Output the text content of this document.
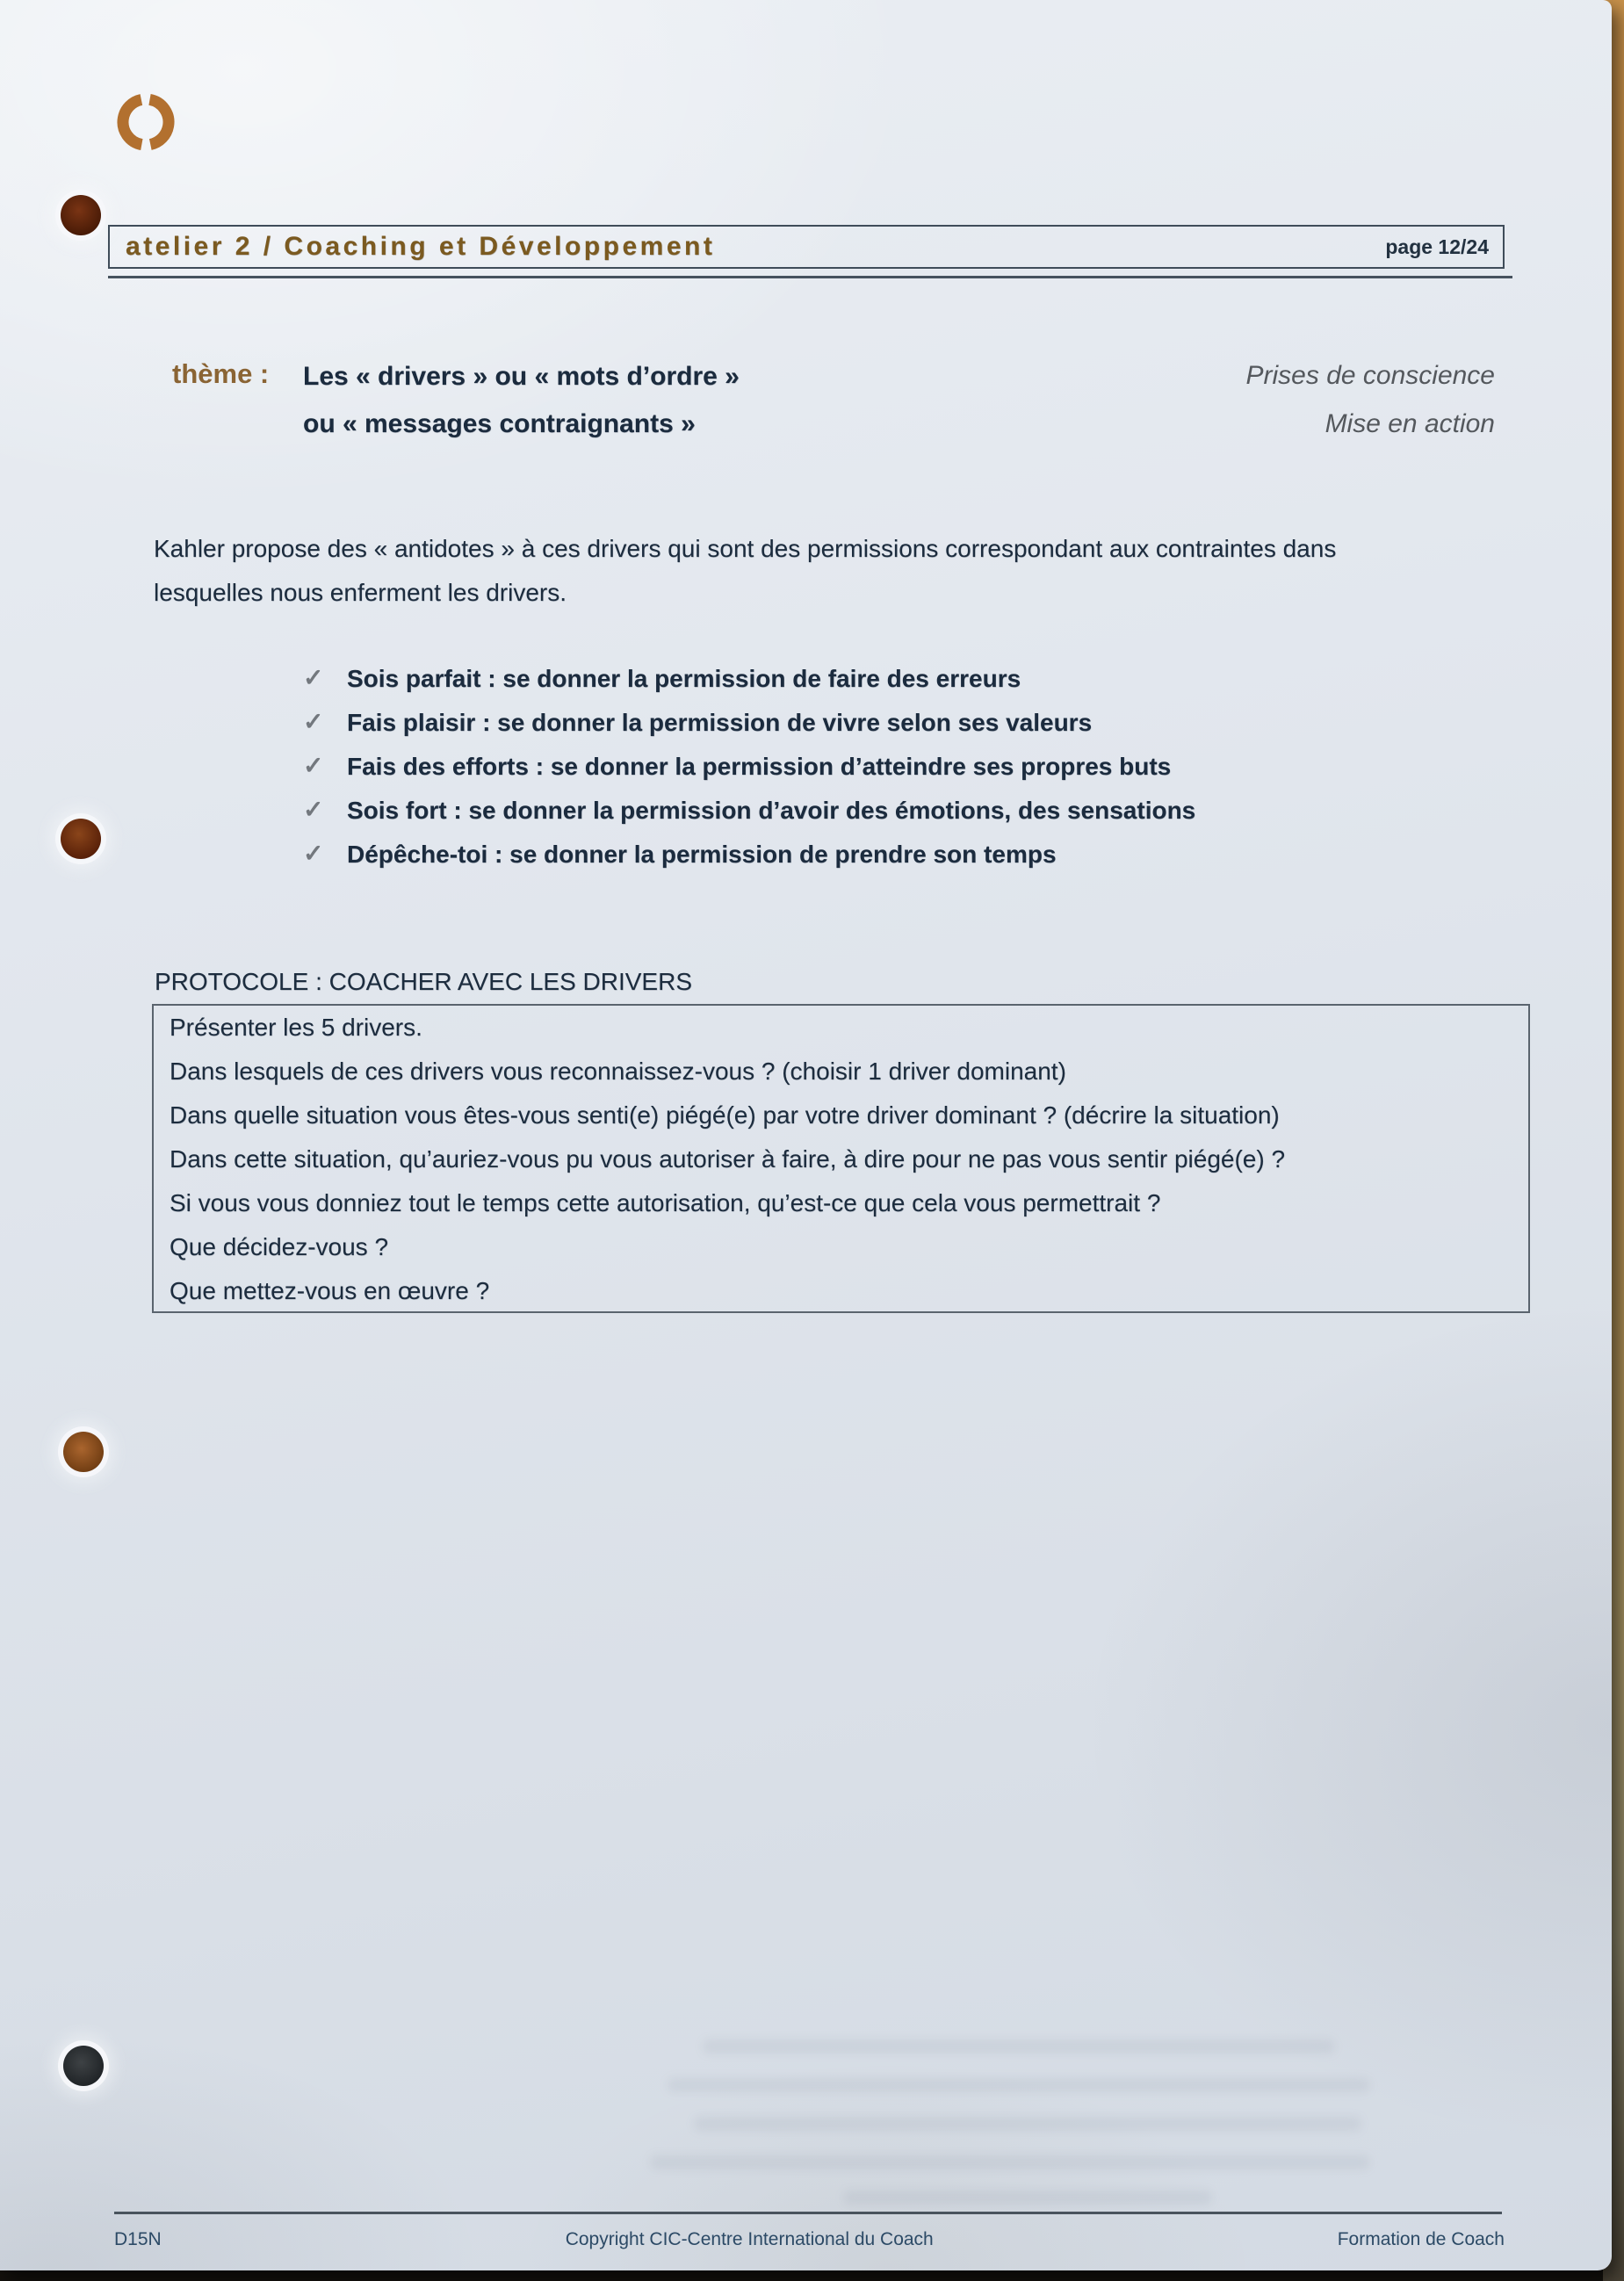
atelier 2 / Coaching et Développement	page 12/24
thème : Les « drivers » ou « mots d’ordre »
ou « messages contraignants »
Prises de conscience
Mise en action
Kahler propose des « antidotes » à ces drivers qui sont des permissions correspondant aux contraintes dans
lesquelles nous enferment les drivers.
✓ Sois parfait : se donner la permission de faire des erreurs
✓ Fais plaisir : se donner la permission de vivre selon ses valeurs
✓ Fais des efforts : se donner la permission d’atteindre ses propres buts
✓ Sois fort : se donner la permission d’avoir des émotions, des sensations
✓ Dépêche-toi : se donner la permission de prendre son temps
PROTOCOLE : COACHER AVEC LES DRIVERS
Présenter les 5 drivers.
Dans lesquels de ces drivers vous reconnaissez-vous ? (choisir 1 driver dominant)
Dans quelle situation vous êtes-vous senti(e) piégé(e) par votre driver dominant ? (décrire la situation)
Dans cette situation, qu’auriez-vous pu vous autoriser à faire, à dire pour ne pas vous sentir piégé(e) ?
Si vous vous donniez tout le temps cette autorisation, qu’est-ce que cela vous permettrait ?
Que décidez-vous ?
Que mettez-vous en œuvre ?
D15N	Copyright CIC-Centre International du Coach	Formation de Coach
